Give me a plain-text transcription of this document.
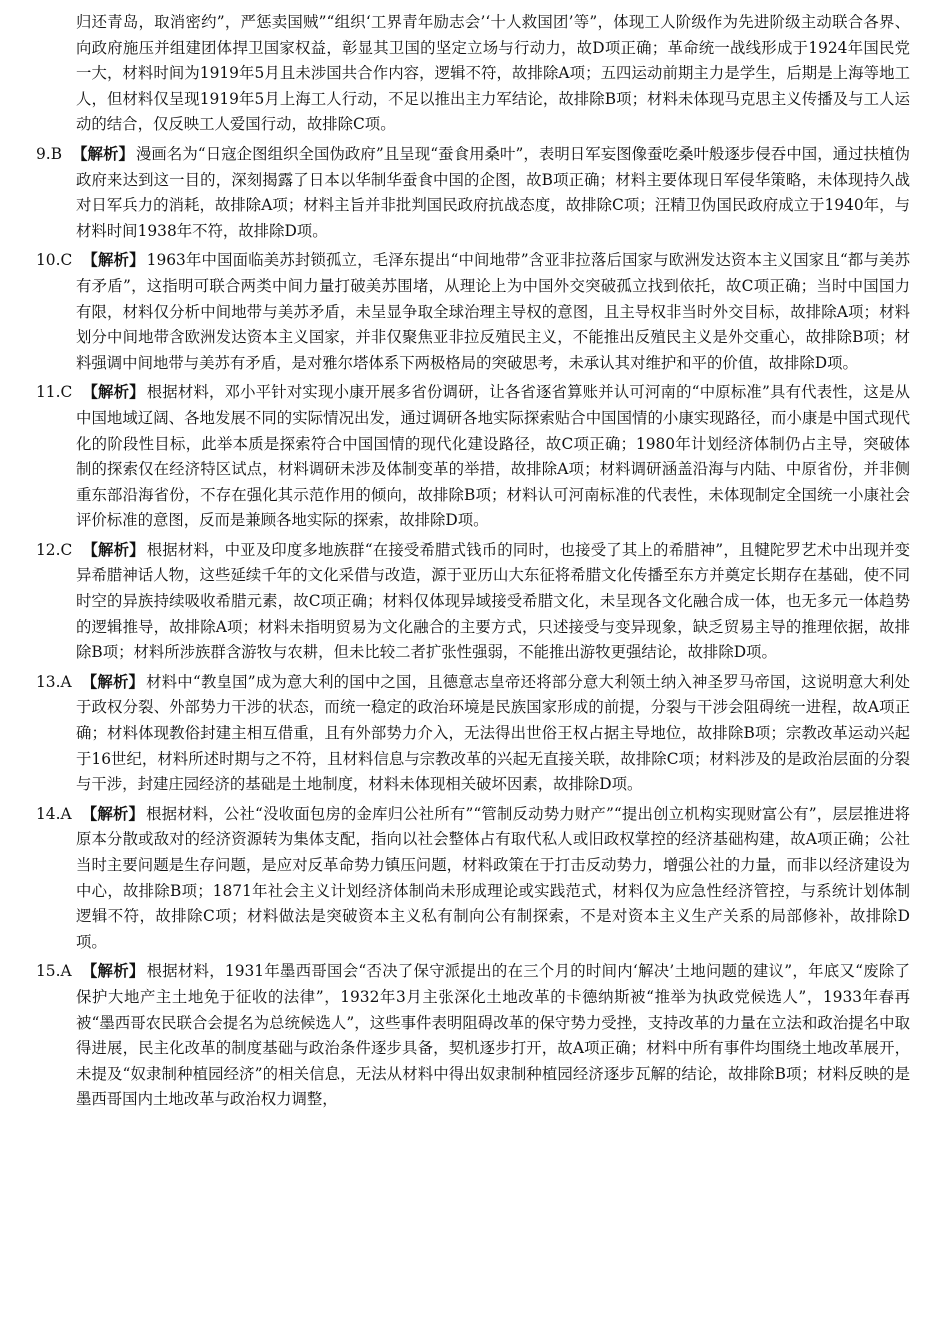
归还青岛，取消密约”，严惩卖国贼”“组织‘工界青年励志会’‘十人救国团’等”，体现工人阶级作为先进阶级主动联合各界、向政府施压并组建团体捍卫国家权益，彰显其卫国的坚定立场与行动力，故D项正确；革命统一战线形成于1924年国民党一大，材料时间为1919年5月且未涉国共合作内容，逻辑不符，故排除A项；五四运动前期主力是学生，后期是上海等地工人，但材料仅呈现1919年5月上海工人行动，不足以推出主力军结论，故排除B项；材料未体现马克思主义传播及与工人运动的结合，仅反映工人爱国行动，故排除C项。

9.B 【解析】 漫画名为“日寇企图组织全国伪政府”且呈现“蚕食用桑叶”，表明日军妄图像蚕吃桑叶般逐步侵吞中国，通过扶植伪政府来达到这一目的，深刻揭露了日本以华制华蚕食中国的企图，故B项正确；材料主要体现日军侵华策略，未体现持久战对日军兵力的消耗，故排除A项；材料主旨并非批判国民政府抗战态度，故排除C项；汪精卫伪国民政府成立于1940年，与材料时间1938年不符，故排除D项。

10.C 【解析】 1963年中国面临美苏封锁孤立，毛泽东提出“中间地带”含亚非拉落后国家与欧洲发达资本主义国家且“都与美苏有矛盾”，这指明可联合两类中间力量打破美苏围堵，从理论上为中国外交突破孤立找到依托，故C项正确；当时中国国力有限，材料仅分析中间地带与美苏矛盾，未呈显争取全球治理主导权的意图，且主导权非当时外交目标，故排除A项；材料划分中间地带含欧洲发达资本主义国家，并非仅聚焦亚非拉反殖民主义，不能推出反殖民主义是外交重心，故排除B项；材料强调中间地带与美苏有矛盾，是对雅尔塔体系下两极格局的突破思考，未承认其对维护和平的价值，故排除D项。

11.C 【解析】 根据材料，邓小平针对实现小康开展多省份调研，让各省逐省算账并认可河南的“中原标准”具有代表性，这是从中国地域辽阔、各地发展不同的实际情况出发，通过调研各地实际探索贴合中国国情的小康实现路径，而小康是中国式现代化的阶段性目标，此举本质是探索符合中国国情的现代化建设路径，故C项正确；1980年计划经济体制仍占主导，突破体制的探索仅在经济特区试点，材料调研未涉及体制变革的举措，故排除A项；材料调研涵盖沿海与内陆、中原省份，并非侧重东部沿海省份，不存在强化其示范作用的倾向，故排除B项；材料认可河南标准的代表性，未体现制定全国统一小康社会评价标准的意图，反而是兼顾各地实际的探索，故排除D项。

12.C 【解析】 根据材料，中亚及印度多地族群“在接受希腊式钱币的同时，也接受了其上的希腊神”，且犍陀罗艺术中出现并变异希腊神话人物，这些延续千年的文化采借与改造，源于亚历山大东征将希腊文化传播至东方并奠定长期存在基础，使不同时空的异族持续吸收希腊元素，故C项正确；材料仅体现异域接受希腊文化，未呈现各文化融合成一体，也无多元一体趋势的逻辑推导，故排除A项；材料未指明贸易为文化融合的主要方式，只述接受与变异现象，缺乏贸易主导的推理依据，故排除B项；材料所涉族群含游牧与农耕，但未比较二者扩张性强弱，不能推出游牧更强结论，故排除D项。

13.A 【解析】 材料中“教皇国”成为意大利的国中之国，且德意志皇帝还将部分意大利领土纳入神圣罗马帝国，这说明意大利处于政权分裂、外部势力干涉的状态，而统一稳定的政治环境是民族国家形成的前提，分裂与干涉会阻碍统一进程，故A项正确；材料体现教俗封建主相互借重，且有外部势力介入，无法得出世俗王权占据主导地位，故排除B项；宗教改革运动兴起于16世纪，材料所述时期与之不符，且材料信息与宗教改革的兴起无直接关联，故排除C项；材料涉及的是政治层面的分裂与干涉，封建庄园经济的基础是土地制度，材料未体现相关破坏因素，故排除D项。

14.A 【解析】 根据材料，公社“没收面包房的金库归公社所有”“管制反动势力财产”“提出创立机构实现财富公有”，层层推进将原本分散或敌对的经济资源转为集体支配，指向以社会整体占有取代私人或旧政权掌控的经济基础构建，故A项正确；公社当时主要问题是生存问题，是应对反革命势力镇压问题，材料政策在于打击反动势力，增强公社的力量，而非以经济建设为中心，故排除B项；1871年社会主义计划经济体制尚未形成理论或实践范式，材料仅为应急性经济管控，与系统计划体制逻辑不符，故排除C项；材料做法是突破资本主义私有制向公有制探索，不是对资本主义生产关系的局部修补，故排除D项。

15.A 【解析】 根据材料，1931年墨西哥国会“否决了保守派提出的在三个月的时间内‘解决’土地问题的建议”，年底又“废除了保护大地产主土地免于征收的法律”，1932年3月主张深化土地改革的卡德纳斯被“推举为执政党候选人”，1933年春再被“墨西哥农民联合会提名为总统候选人”，这些事件表明阻碍改革的保守势力受挫，支持改革的力量在立法和政治提名中取得进展，民主化改革的制度基础与政治条件逐步具备，契机逐步打开，故A项正确；材料中所有事件均围绕土地改革展开，未提及“奴隶制种植园经济”的相关信息，无法从材料中得出奴隶制种植园经济逐步瓦解的结论，故排除B项；材料反映的是墨西哥国内土地改革与政治权力调整，
